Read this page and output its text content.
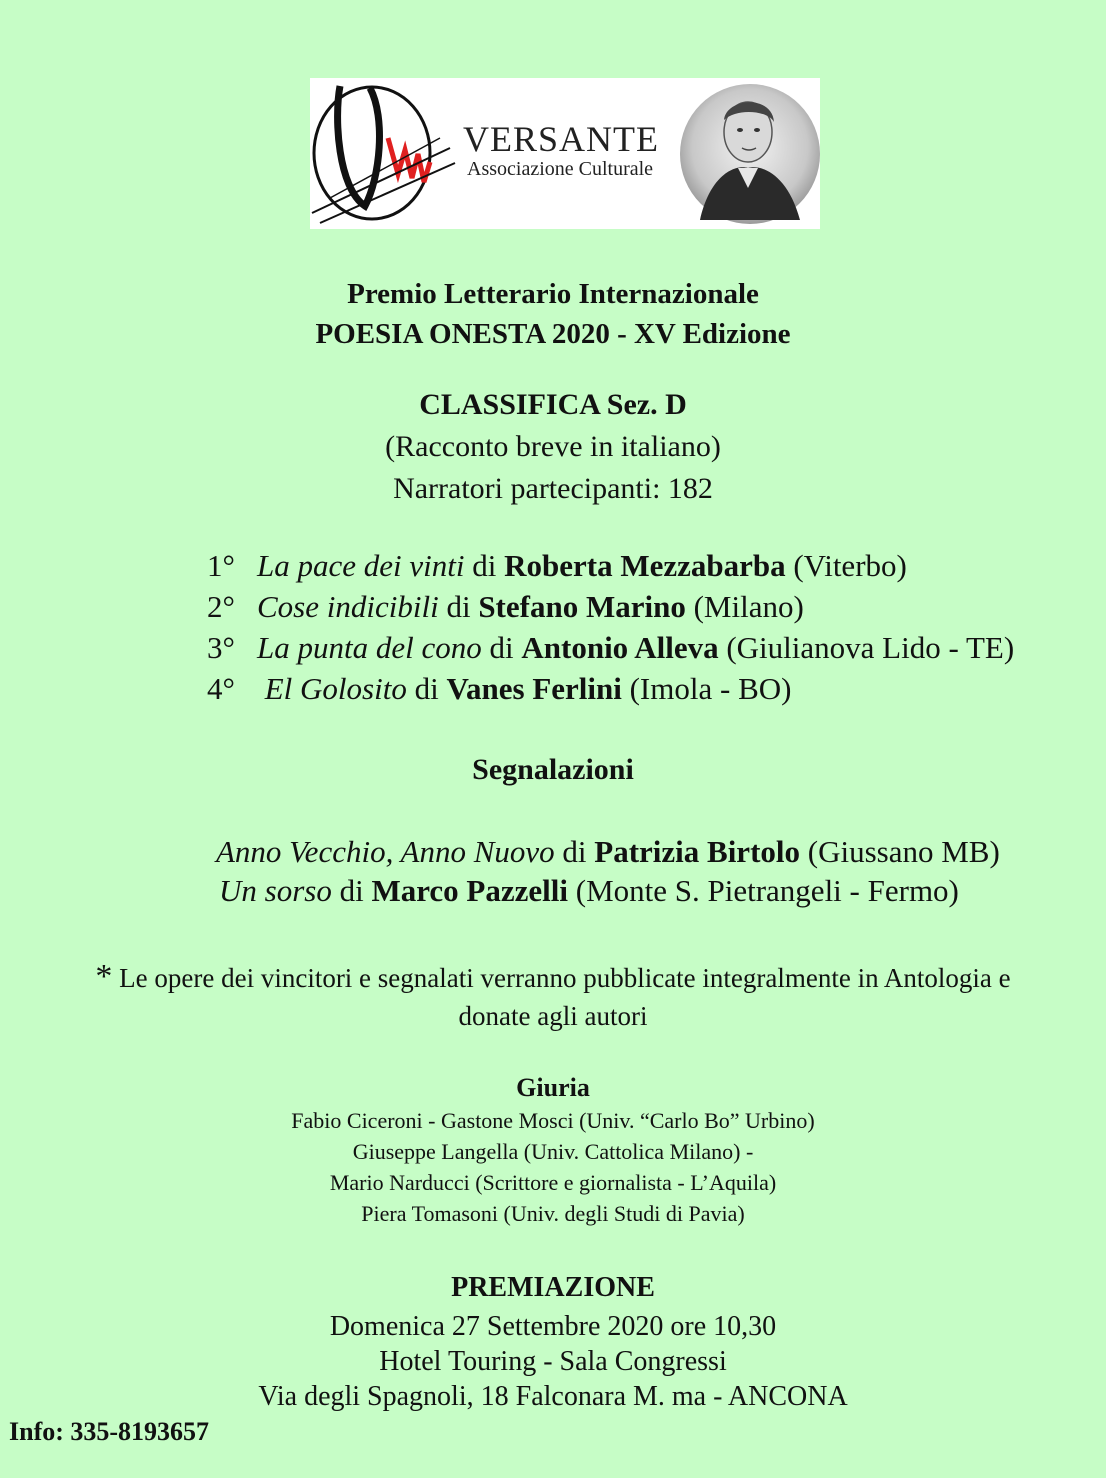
VERSANTE
Associazione Culturale
Premio Letterario Internazionale
POESIA ONESTA 2020 - XV Edizione
CLASSIFICA Sez. D
(Racconto breve in italiano)
Narratori partecipanti: 182
1° La pace dei vinti di Roberta Mezzabarba (Viterbo)
2° Cose indicibili di Stefano Marino (Milano)
3° La punta del cono di Antonio Alleva (Giulianova Lido - TE)
4° El Golosito di Vanes Ferlini (Imola - BO)
Segnalazioni
Anno Vecchio, Anno Nuovo di Patrizia Birtolo (Giussano MB)
Un sorso di Marco Pazzelli (Monte S. Pietrangeli - Fermo)
* Le opere dei vincitori e segnalati verranno pubblicate integralmente in Antologia e
donate agli autori
Giuria
Fabio Ciceroni - Gastone Mosci (Univ. “Carlo Bo” Urbino)
Giuseppe Langella (Univ. Cattolica Milano) -
Mario Narducci (Scrittore e giornalista - L’Aquila)
Piera Tomasoni (Univ. degli Studi di Pavia)
PREMIAZIONE
Domenica 27 Settembre 2020 ore 10,30
Hotel Touring - Sala Congressi
Via degli Spagnoli, 18 Falconara M. ma - ANCONA
Info: 335-8193657
